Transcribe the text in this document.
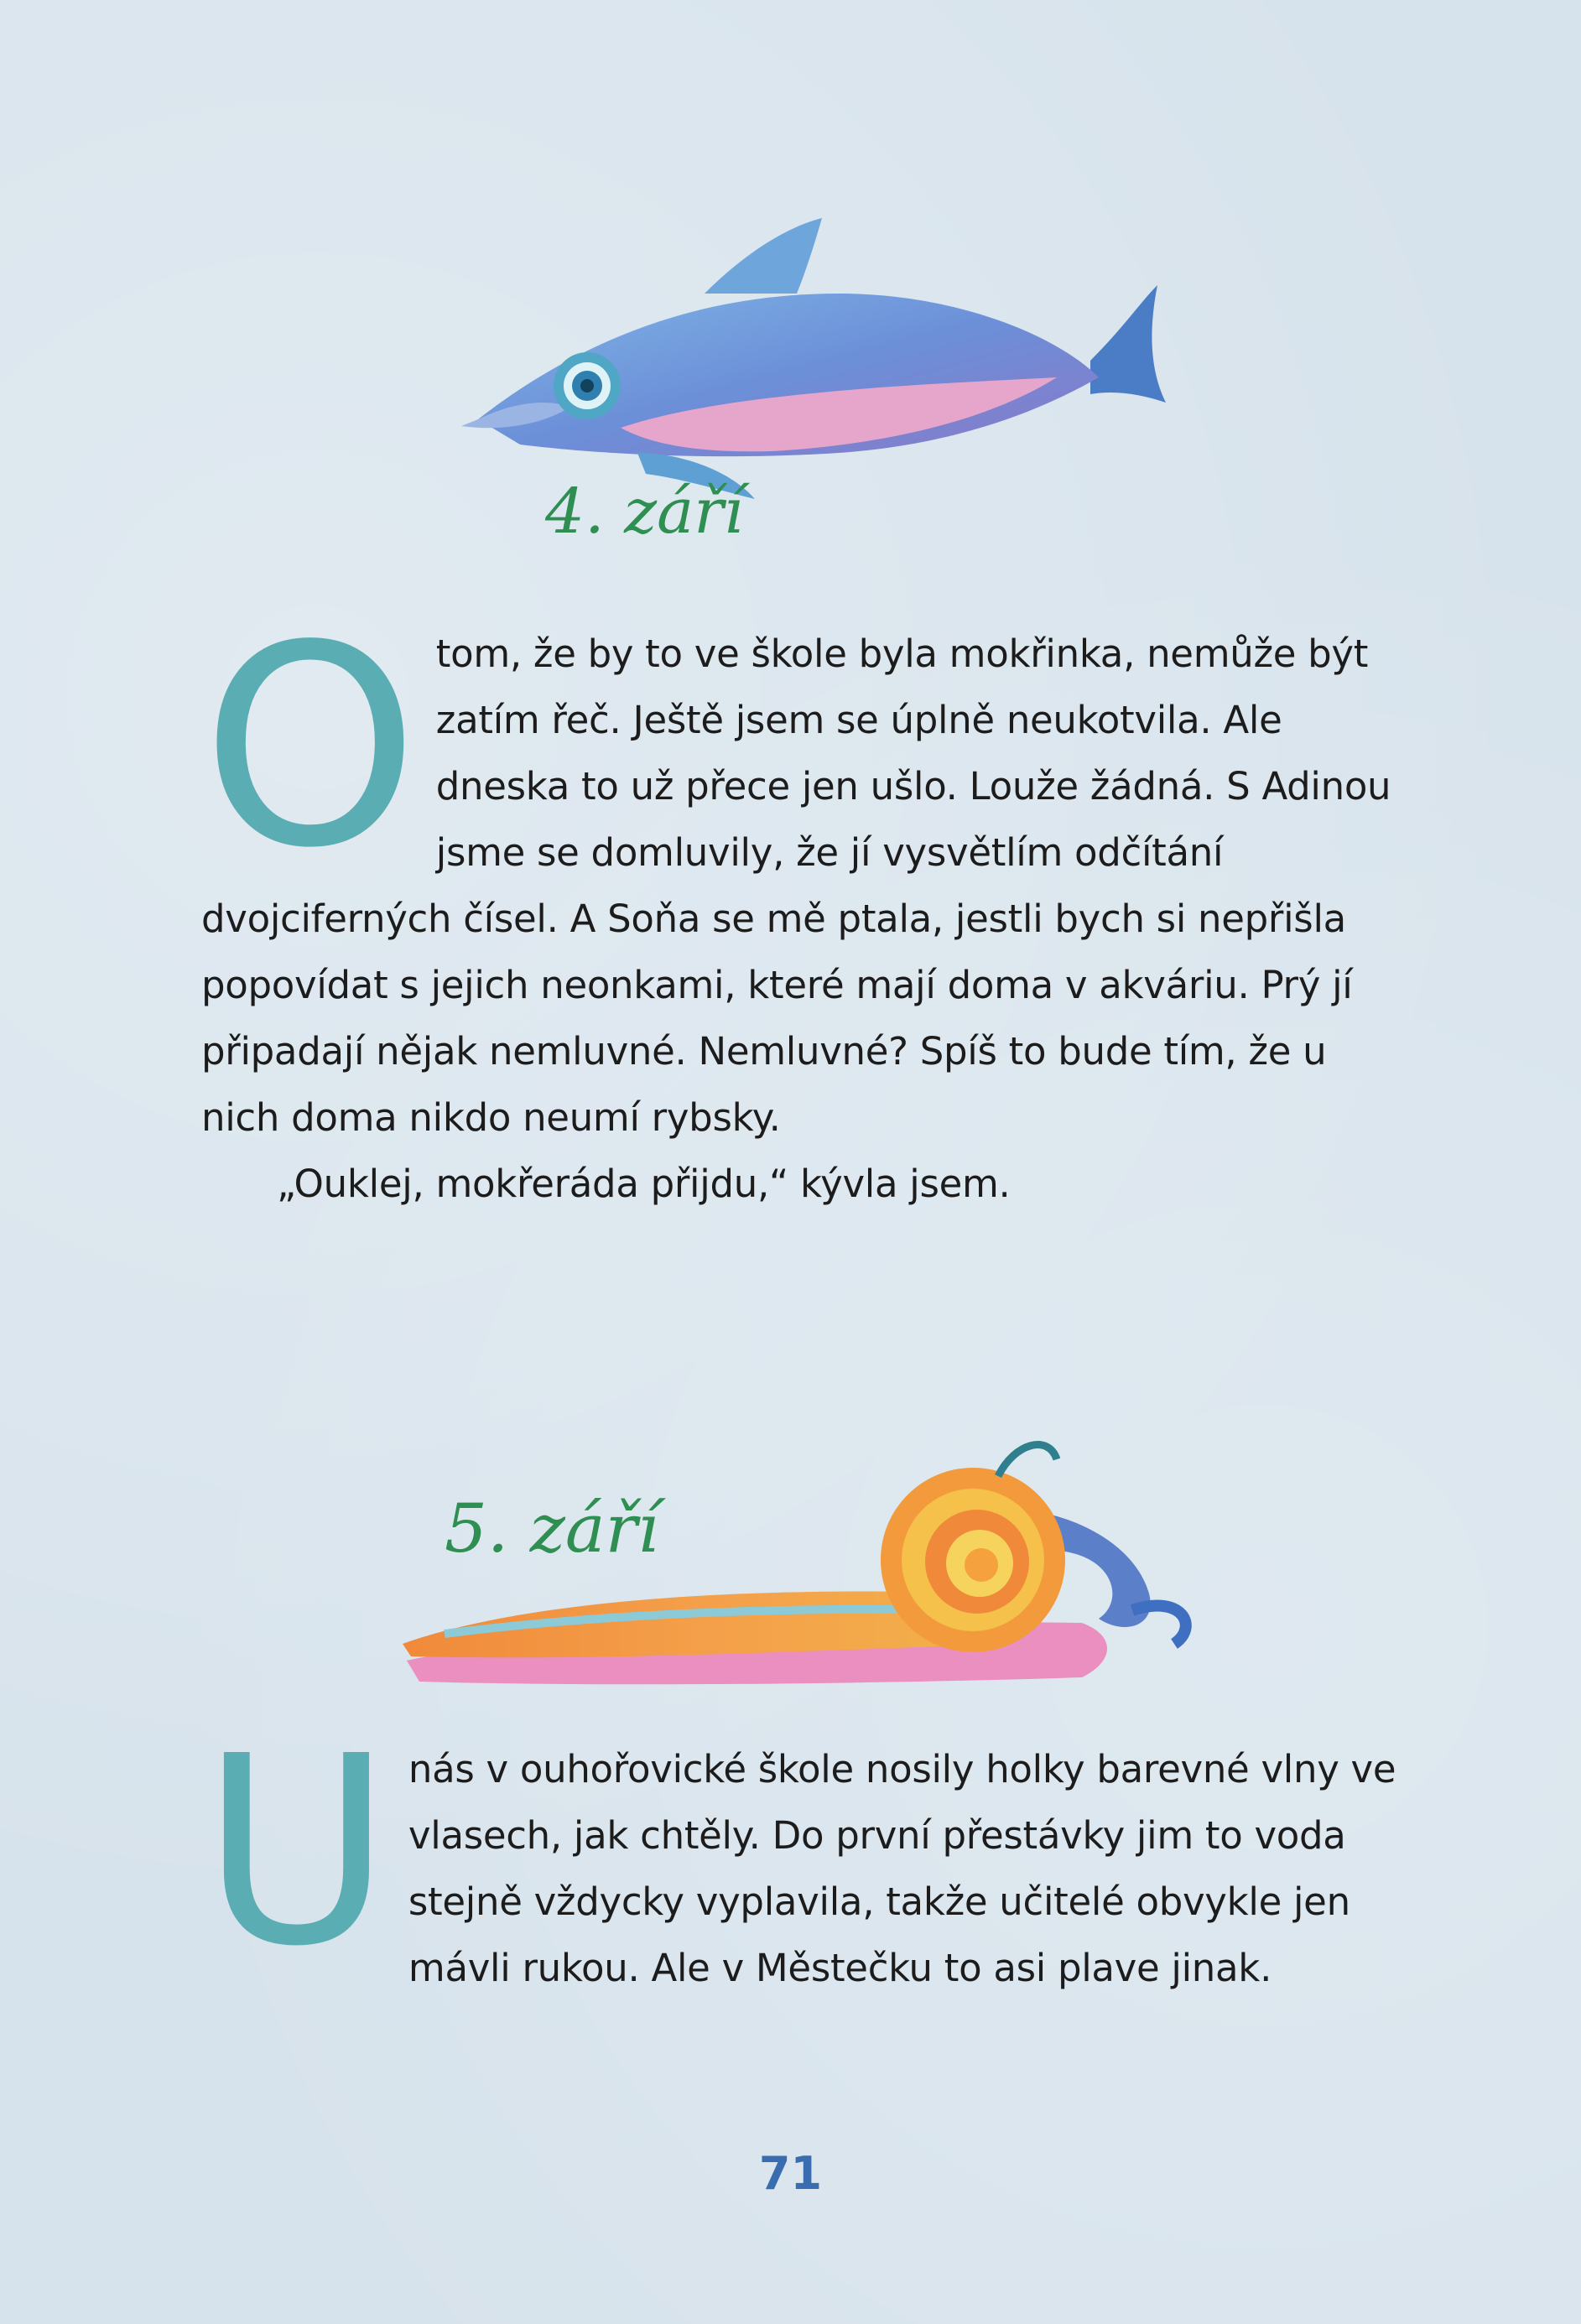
4. září
O tom, že by to ve škole byla mokřinka, nemůže být zatím řeč. Ještě jsem se úplně neukotvila. Ale dneska to už přece jen ušlo. Louže žádná. S Adinou jsme se domluvily, že jí vysvětlím odčítání dvojciferných čísel. A Soňa se mě ptala, jestli bych si nepřišla popovídat s jejich neonkami, které mají doma v akváriu. Prý jí připadají nějak nemluvné. Nemluvné? Spíš to bude tím, že u nich doma nikdo neumí rybsky.

„Ouklej, mokřeráda přijdu,“ kývla jsem.

5. září
U nás v ouhořovické škole nosily holky barevné vlny ve vlasech, jak chtěly. Do první přestávky jim to voda stejně vždycky vyplavila, takže učitelé obvykle jen mávli rukou. Ale v Městečku to asi plave jinak.

71
